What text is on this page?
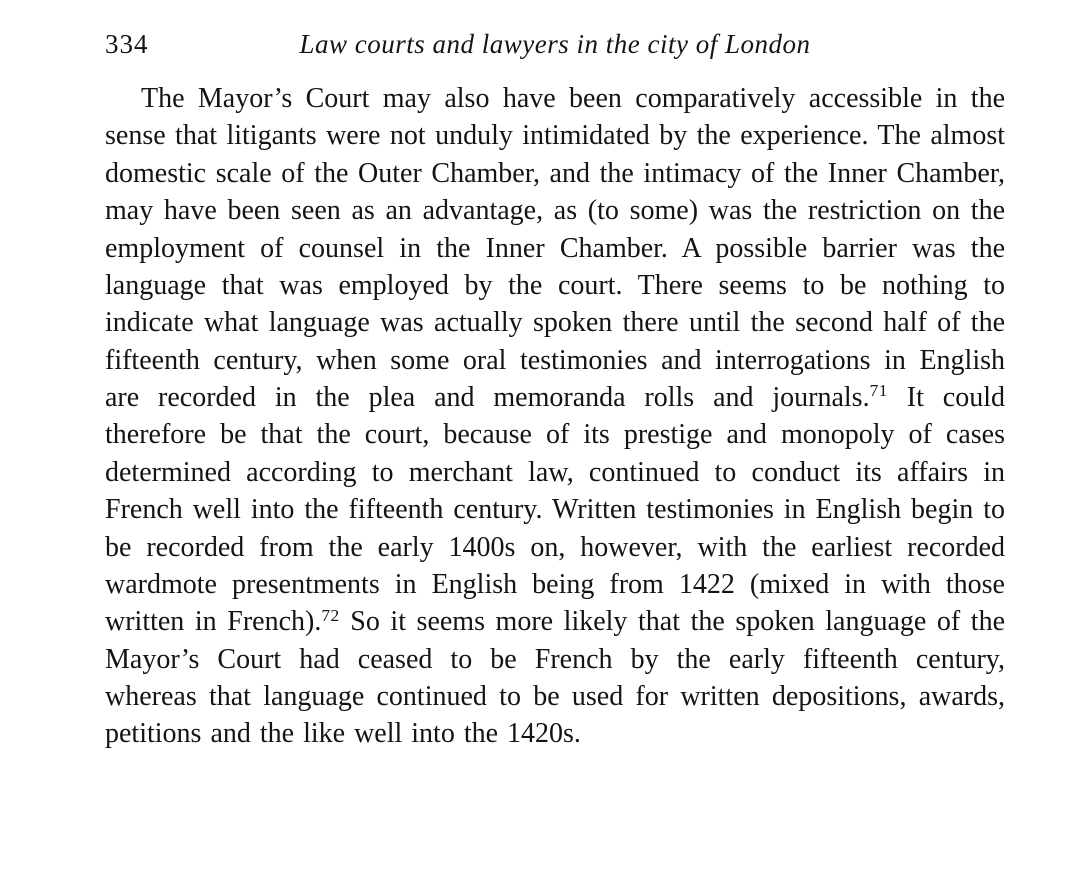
334	Law courts and lawyers in the city of London

The Mayor’s Court may also have been comparatively accessible in the sense that litigants were not unduly intimidated by the experience. The almost domestic scale of the Outer Chamber, and the intimacy of the Inner Chamber, may have been seen as an advantage, as (to some) was the restriction on the employment of counsel in the Inner Chamber. A possible barrier was the language that was employed by the court. There seems to be nothing to indicate what language was actually spoken there until the second half of the fifteenth century, when some oral testimonies and interrogations in English are recorded in the plea and memoranda rolls and journals.$^{71}$ It could therefore be that the court, because of its prestige and monopoly of cases determined according to merchant law, continued to conduct its affairs in French well into the fifteenth century. Written testimonies in English begin to be recorded from the early 1400s on, however, with the earliest recorded wardmote presentments in English being from 1422 (mixed in with those written in French).$^{72}$ So it seems more likely that the spoken language of the Mayor’s Court had ceased to be French by the early fifteenth century, whereas that language continued to be used for written depositions, awards, petitions and the like well into the 1420s.
